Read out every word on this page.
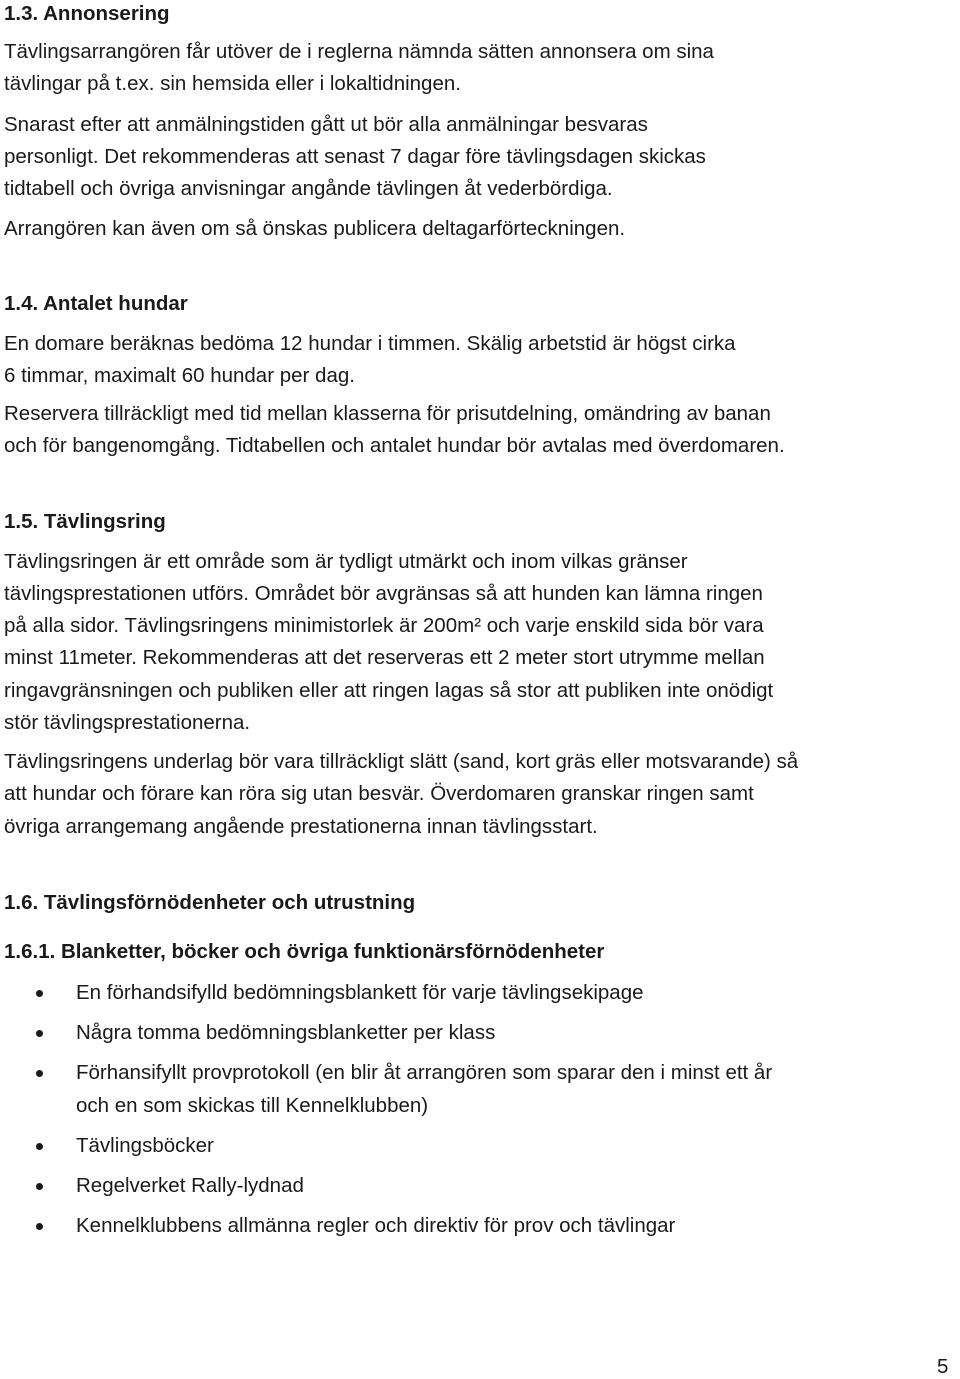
1.3. Annonsering
Tävlingsarrangören får utöver de i reglerna nämnda sätten annonsera om sina
tävlingar på t.ex. sin hemsida eller i lokaltidningen.
Snarast efter att anmälningstiden gått ut bör alla anmälningar besvaras
personligt. Det rekommenderas att senast 7 dagar före tävlingsdagen skickas
tidtabell och övriga anvisningar angånde tävlingen åt vederbördiga.
Arrangören kan även om så önskas publicera deltagarförteckningen.
1.4. Antalet hundar
En domare beräknas bedöma 12 hundar i timmen. Skälig arbetstid är högst cirka
6 timmar, maximalt 60 hundar per dag.
Reservera tillräckligt med tid mellan klasserna för prisutdelning, omändring av banan
och för bangenomgång. Tidtabellen och antalet hundar bör avtalas med överdomaren.
1.5. Tävlingsring
Tävlingsringen är ett område som är tydligt utmärkt och inom vilkas gränser
tävlingsprestationen utförs. Området bör avgränsas så att hunden kan lämna ringen
på alla sidor. Tävlingsringens minimistorlek är 200m² och varje enskild sida bör vara
minst 11meter. Rekommenderas att det reserveras ett 2 meter stort utrymme mellan
ringavgränsningen och publiken eller att ringen lagas så stor att publiken inte onödigt
stör tävlingsprestationerna.
Tävlingsringens underlag bör vara tillräckligt slätt (sand, kort gräs eller motsvarande) så
att hundar och förare kan röra sig utan besvär. Överdomaren granskar ringen samt
övriga arrangemang angående prestationerna innan tävlingsstart.
1.6. Tävlingsförnödenheter och utrustning
1.6.1. Blanketter, böcker och övriga funktionärsförnödenheter
En förhandsifylld bedömningsblankett för varje tävlingsekipage
Några tomma bedömningsblanketter per klass
Förhansifyllt provprotokoll (en blir åt arrangören som sparar den i minst ett år
och en som skickas till Kennelklubben)
Tävlingsböcker
Regelverket Rally-lydnad
Kennelklubbens allmänna regler och direktiv för prov och tävlingar
5
